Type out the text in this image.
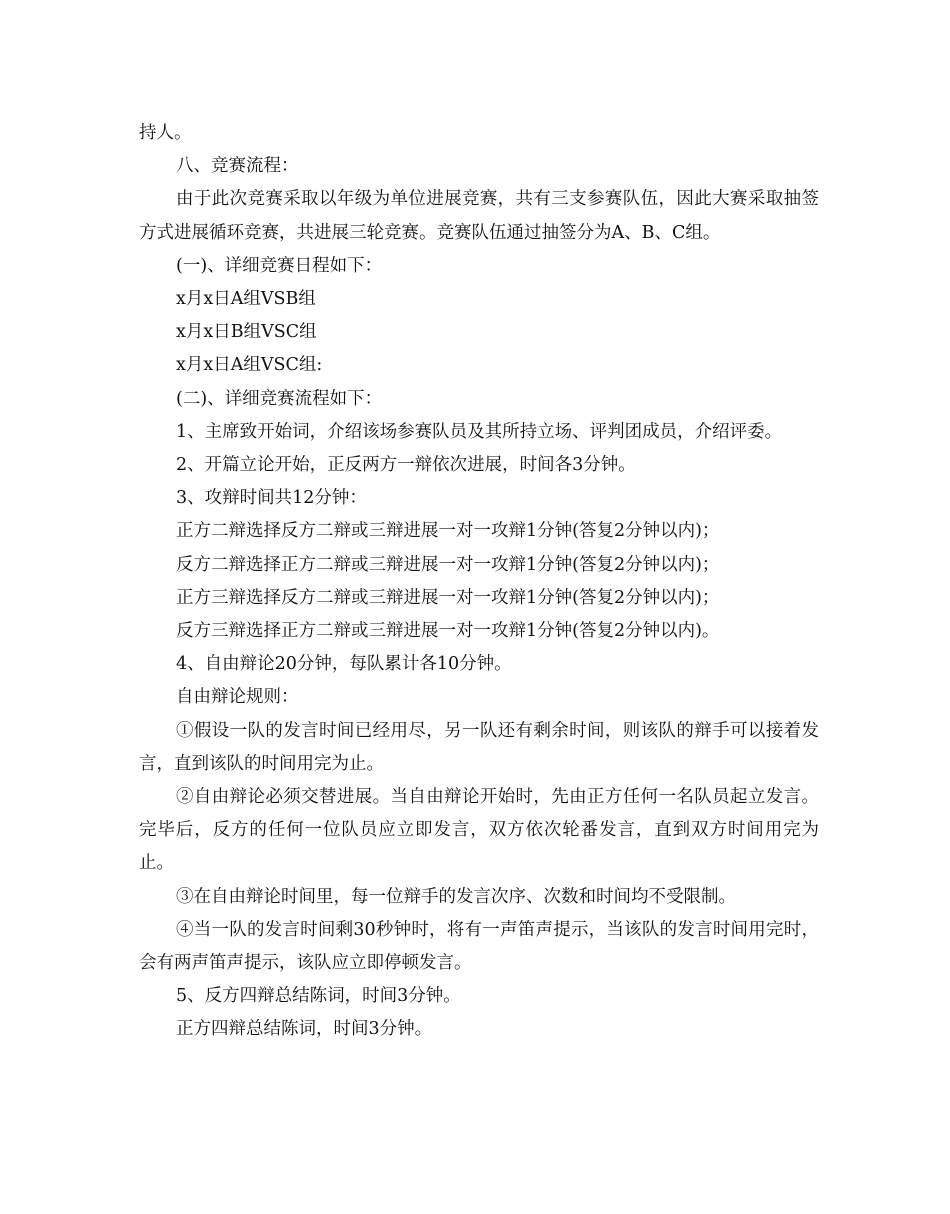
持人。

八、竞赛流程：

由于此次竞赛采取以年级为单位进展竞赛，共有三支参赛队伍，因此大赛采取抽签方式进展循环竞赛，共进展三轮竞赛。竞赛队伍通过抽签分为A、B、C组。

(一)、详细竞赛日程如下：

x月x日A组VSB组

x月x日B组VSC组

x月x日A组VSC组:

(二)、详细竞赛流程如下：

1、主席致开始词，介绍该场参赛队员及其所持立场、评判团成员，介绍评委。

2、开篇立论开始，正反两方一辩依次进展，时间各3分钟。

3、攻辩时间共12分钟：

正方二辩选择反方二辩或三辩进展一对一攻辩1分钟(答复2分钟以内)；

反方二辩选择正方二辩或三辩进展一对一攻辩1分钟(答复2分钟以内)；

正方三辩选择反方二辩或三辩进展一对一攻辩1分钟(答复2分钟以内)；

反方三辩选择正方二辩或三辩进展一对一攻辩1分钟(答复2分钟以内)。

4、自由辩论20分钟，每队累计各10分钟。

自由辩论规则：

①假设一队的发言时间已经用尽，另一队还有剩余时间，则该队的辩手可以接着发言，直到该队的时间用完为止。

②自由辩论必须交替进展。当自由辩论开始时，先由正方任何一名队员起立发言。完毕后，反方的任何一位队员应立即发言，双方依次轮番发言，直到双方时间用完为止。

③在自由辩论时间里，每一位辩手的发言次序、次数和时间均不受限制。

④当一队的发言时间剩30秒钟时，将有一声笛声提示，当该队的发言时间用完时，会有两声笛声提示，该队应立即停顿发言。

5、反方四辩总结陈词，时间3分钟。

正方四辩总结陈词，时间3分钟。
